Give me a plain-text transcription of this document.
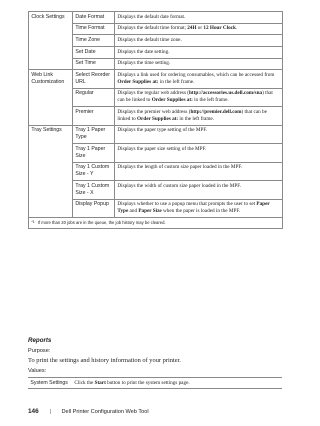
Clock Settings	Date Format	Displays the default date format.
	Time Format	Displays the default time format; 24H or 12 Hour Clock.
	Time Zone	Displays the default time zone.
	Set Date	Displays the date setting.
	Set Time	Displays the time setting.
Web Link Customization	Select Reorder URL	Displays a link used for ordering consumables, which can be accessed from Order Supplies at: in the left frame.
	Regular	Displays the regular web address (http://accessories.us.dell.com/sna) that can be linked to Order Supplies at: in the left frame.
	Premier	Displays the premier web address (http://premier.dell.com) that can be linked to Order Supplies at: in the left frame.
Tray Settings	Tray 1 Paper Type	Displays the paper type setting of the MPF.
	Tray 1 Paper Size	Displays the paper size setting of the MPF.
	Tray 1 Custom Size - Y	Displays the length of custom size paper loaded in the MPF.
	Tray 1 Custom Size - X	Displays the width of custom size paper loaded in the MPF.
	Display Popup	Displays whether to use a popup menu that prompts the user to set Paper Type and Paper Size when the paper is loaded in the MPF.
*1 If more than 20 jobs are in the queue, the job history may be cleared.		
Reports
Purpose:
To print the settings and history information of your printer.
Values:
System Settings	Click the Start button to print the system settings page.
146	| Dell Printer Configuration Web Tool
